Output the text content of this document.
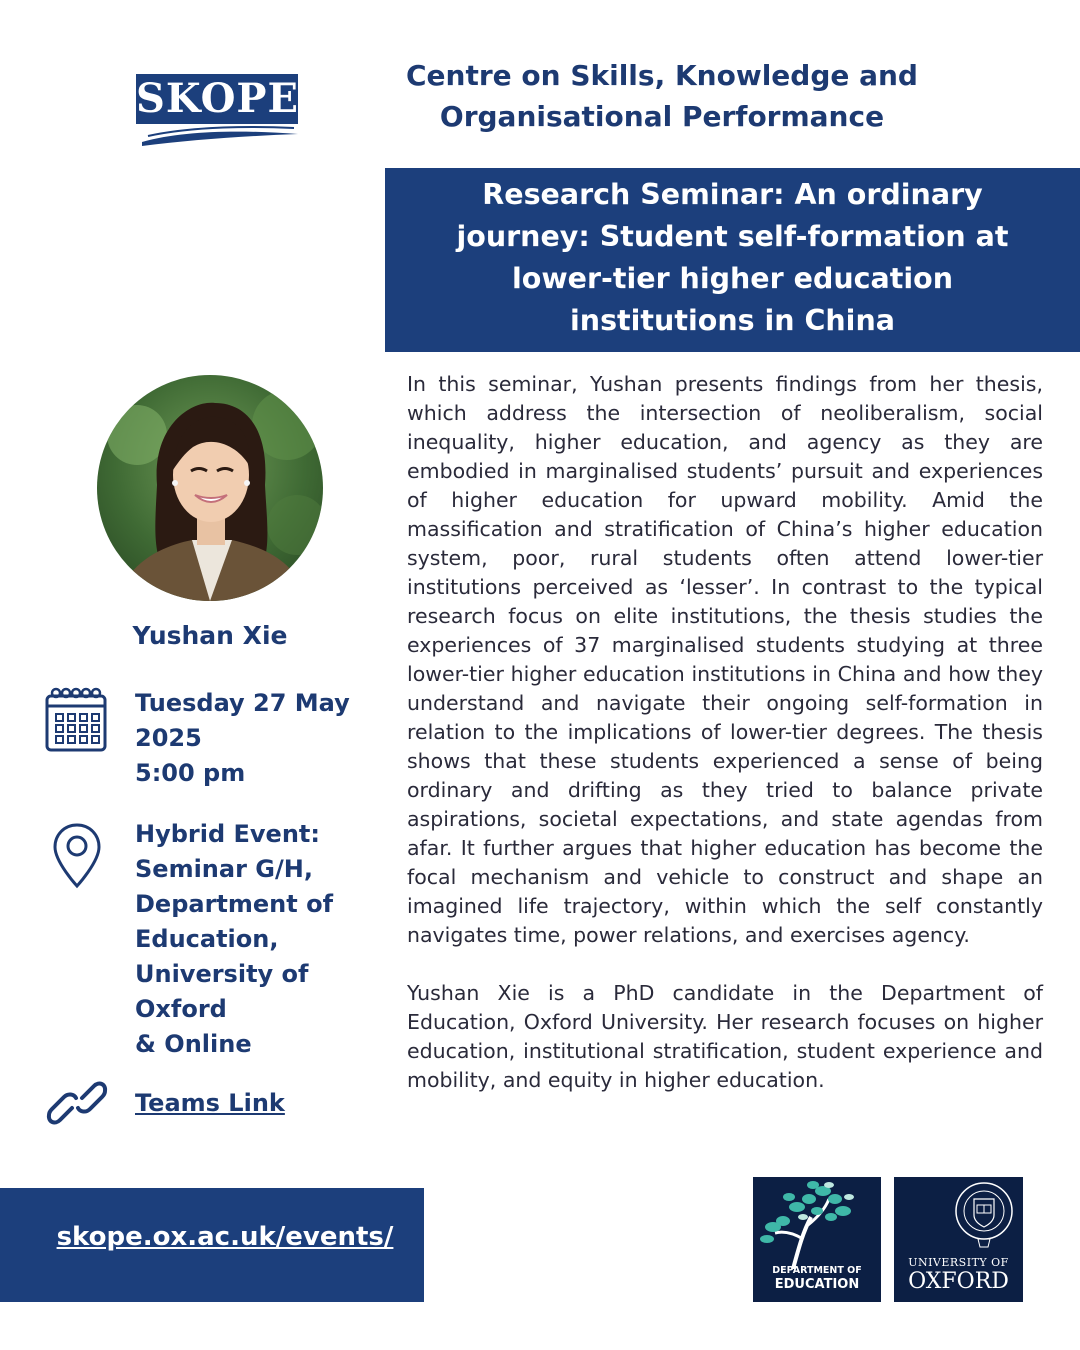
SKOPE	Centre on Skills, Knowledge and
Organisational Performance
Research Seminar: An ordinary
journey: Student self-formation at
lower-tier higher education
institutions in China
Yushan Xie
Tuesday 27 May
2025
5:00 pm
Hybrid Event:
Seminar G/H,
Department of
Education,
University of
Oxford
& Online
Teams Link

In this seminar, Yushan presents findings from her thesis, which address the intersection of neoliberalism, social inequality, higher education, and agency as they are embodied in marginalised students’ pursuit and experiences of higher education for upward mobility. Amid the massification and stratification of China’s higher education system, poor, rural students often attend lower-tier institutions perceived as ‘lesser’. In contrast to the typical research focus on elite institutions, the thesis studies the experiences of 37 marginalised students studying at three lower-tier higher education institutions in China and how they understand and navigate their ongoing self-formation in relation to the implications of lower-tier degrees. The thesis shows that these students experienced a sense of being ordinary and drifting as they tried to balance private aspirations, societal expectations, and state agendas from afar. It further argues that higher education has become the focal mechanism and vehicle to construct and shape an imagined life trajectory, within which the self constantly navigates time, power relations, and exercises agency.

Yushan Xie is a PhD candidate in the Department of Education, Oxford University. Her research focuses on higher education, institutional stratification, student experience and mobility, and equity in higher education.

skope.ox.ac.uk/events/
DEPARTMENT OF
EDUCATION
UNIVERSITY OF
OXFORD
